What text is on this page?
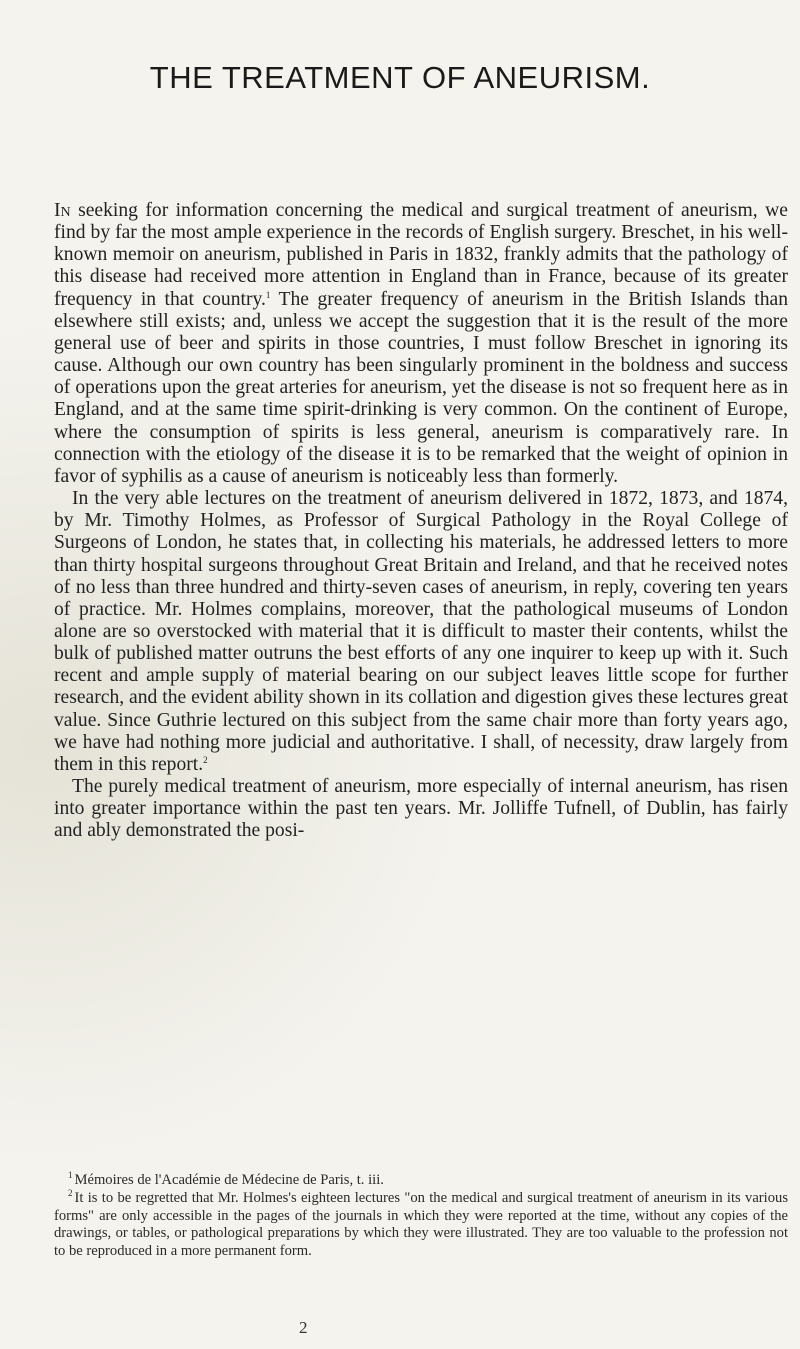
THE TREATMENT OF ANEURISM.

In seeking for information concerning the medical and surgical treatment of aneurism, we find by far the most ample experience in the records of English surgery. Breschet, in his well-known memoir on aneurism, published in Paris in 1832, frankly admits that the pathology of this disease had received more attention in England than in France, because of its greater frequency in that country.$^1$ The greater frequency of aneurism in the British Islands than elsewhere still exists; and, unless we accept the suggestion that it is the result of the more general use of beer and spirits in those countries, I must follow Breschet in ignoring its cause. Although our own country has been singularly prominent in the boldness and success of operations upon the great arteries for aneurism, yet the disease is not so frequent here as in England, and at the same time spirit-drinking is very common. On the continent of Europe, where the consumption of spirits is less general, aneurism is comparatively rare. In connection with the etiology of the disease it is to be remarked that the weight of opinion in favor of syphilis as a cause of aneurism is noticeably less than formerly.

In the very able lectures on the treatment of aneurism delivered in 1872, 1873, and 1874, by Mr. Timothy Holmes, as Professor of Surgical Pathology in the Royal College of Surgeons of London, he states that, in collecting his materials, he addressed letters to more than thirty hospital surgeons throughout Great Britain and Ireland, and that he received notes of no less than three hundred and thirty-seven cases of aneurism, in reply, covering ten years of practice. Mr. Holmes complains, moreover, that the pathological museums of London alone are so overstocked with material that it is difficult to master their contents, whilst the bulk of published matter outruns the best efforts of any one inquirer to keep up with it. Such recent and ample supply of material bearing on our subject leaves little scope for further research, and the evident ability shown in its collation and digestion gives these lectures great value. Since Guthrie lectured on this subject from the same chair more than forty years ago, we have had nothing more judicial and authoritative. I shall, of necessity, draw largely from them in this report.$^2$

The purely medical treatment of aneurism, more especially of internal aneurism, has risen into greater importance within the past ten years. Mr. Jolliffe Tufnell, of Dublin, has fairly and ably demonstrated the posi-

$^1$ Mémoires de l'Académie de Médecine de Paris, t. iii.

$^2$ It is to be regretted that Mr. Holmes's eighteen lectures "on the medical and surgical treatment of aneurism in its various forms" are only accessible in the pages of the journals in which they were reported at the time, without any copies of the drawings, or tables, or pathological preparations by which they were illustrated. They are too valuable to the profession not to be reproduced in a more permanent form.

2
